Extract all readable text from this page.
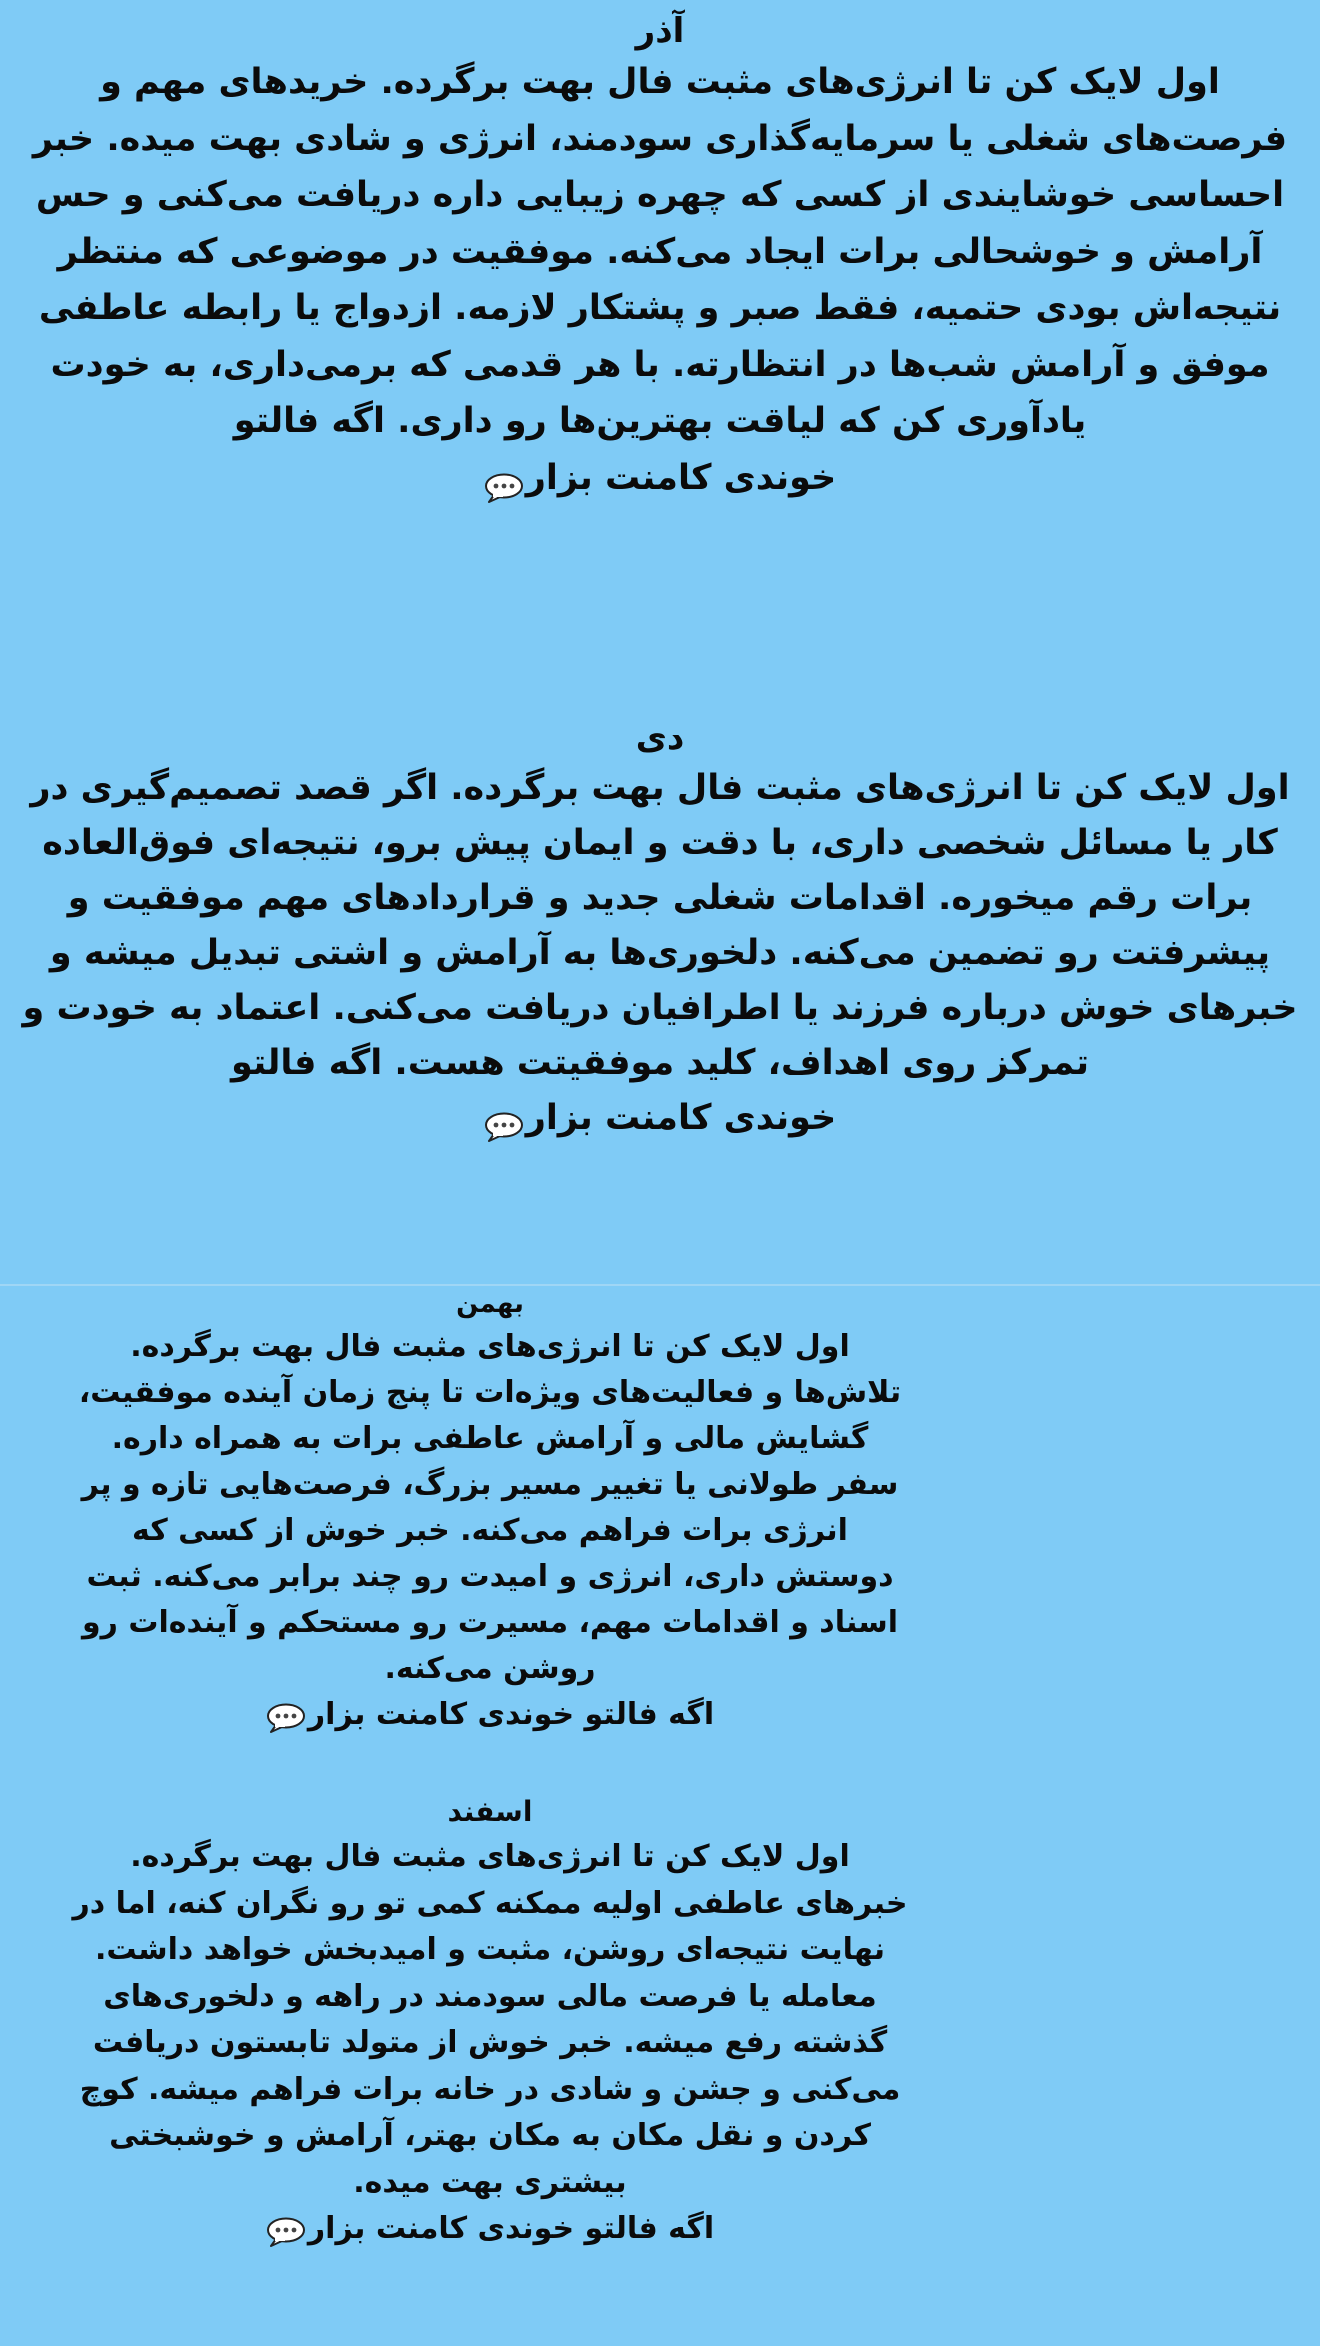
آذر
اول لایک کن تا انرژی‌های مثبت فال بهت برگرده. خریدهای مهم و فرصت‌های شغلی یا سرمایه‌گذاری سودمند، انرژی و شادی بهت میده. خبر احساسی خوشایندی از کسی که چهره زیبایی داره دریافت می‌کنی و حس آرامش و خوشحالی برات ایجاد می‌کنه. موفقیت در موضوعی که منتظر نتیجه‌اش بودی حتمیه، فقط صبر و پشتکار لازمه. ازدواج یا رابطه عاطفی موفق و آرامش شب‌ها در انتظارته. با هر قدمی که برمی‌داری، به خودت یادآوری کن که لیاقت بهترین‌ها رو داری. اگه فالتو
خوندی کامنت بزار
دی
اول لایک کن تا انرژی‌های مثبت فال بهت برگرده. اگر قصد تصمیم‌گیری در کار یا مسائل شخصی داری، با دقت و ایمان پیش برو، نتیجه‌ای فوق‌العاده برات رقم میخوره. اقدامات شغلی جدید و قراردادهای مهم موفقیت و پیشرفتت رو تضمین می‌کنه. دلخوری‌ها به آرامش و اشتی تبدیل میشه و خبرهای خوش درباره فرزند یا اطرافیان دریافت می‌کنی. اعتماد به خودت و تمرکز روی اهداف، کلید موفقیتت هست. اگه فالتو
خوندی کامنت بزار
بهمن
اول لایک کن تا انرژی‌های مثبت فال بهت برگرده. تلاش‌ها و فعالیت‌های ویژه‌ات تا پنج زمان آینده موفقیت، گشایش مالی و آرامش عاطفی برات به همراه داره. سفر طولانی یا تغییر مسیر بزرگ، فرصت‌هایی تازه و پر انرژی برات فراهم می‌کنه. خبر خوش از کسی که دوستش داری، انرژی و امیدت رو چند برابر می‌کنه. ثبت اسناد و اقدامات مهم، مسیرت رو مستحکم و آینده‌ات رو روشن می‌کنه.
اگه فالتو خوندی کامنت بزار
اسفند
اول لایک کن تا انرژی‌های مثبت فال بهت برگرده. خبرهای عاطفی اولیه ممکنه کمی تو رو نگران کنه، اما در نهایت نتیجه‌ای روشن، مثبت و امیدبخش خواهد داشت. معامله یا فرصت مالی سودمند در راهه و دلخوری‌های گذشته رفع میشه. خبر خوش از متولد تابستون دریافت می‌کنی و جشن و شادی در خانه برات فراهم میشه. کوچ کردن و نقل مکان به مکان بهتر، آرامش و خوشبختی بیشتری بهت میده.
اگه فالتو خوندی کامنت بزار
